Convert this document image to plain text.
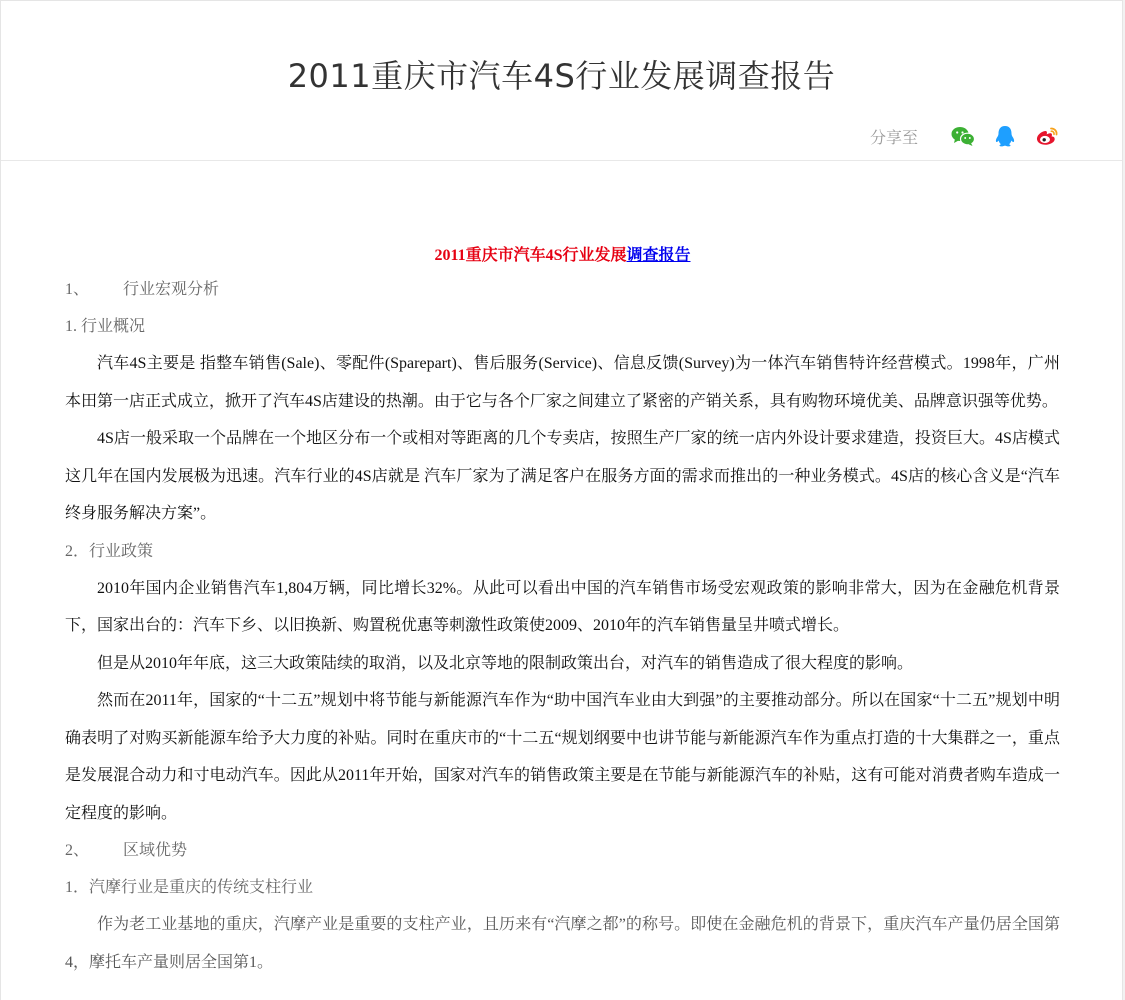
2011重庆市汽车4S行业发展调查报告
分享至
2011重庆市汽车4S行业发展调查报告
1、 行业宏观分析
1. 行业概况

汽车4S主要是 指整车销售(Sale)、零配件(Sparepart)、售后服务(Service)、信息反馈(Survey)为一体汽车销售特许经营模式。1998年，广州本田第一店正式成立，掀开了汽车4S店建设的热潮。由于它与各个厂家之间建立了紧密的产销关系，具有购物环境优美、品牌意识强等优势。

4S店一般采取一个品牌在一个地区分布一个或相对等距离的几个专卖店，按照生产厂家的统一店内外设计要求建造，投资巨大。4S店模式这几年在国内发展极为迅速。汽车行业的4S店就是 汽车厂家为了满足客户在服务方面的需求而推出的一种业务模式。4S店的核心含义是“汽车终身服务解决方案”。

2．行业政策

2010年国内企业销售汽车1,804万辆，同比增长32%。从此可以看出中国的汽车销售市场受宏观政策的影响非常大，因为在金融危机背景下，国家出台的：汽车下乡、以旧换新、购置税优惠等刺激性政策使2009、2010年的汽车销售量呈井喷式增长。

但是从2010年年底，这三大政策陆续的取消，以及北京等地的限制政策出台，对汽车的销售造成了很大程度的影响。

然而在2011年，国家的“十二五”规划中将节能与新能源汽车作为“助中国汽车业由大到强”的主要推动部分。所以在国家“十二五”规划中明确表明了对购买新能源车给予大力度的补贴。同时在重庆市的“十二五“规划纲要中也讲节能与新能源汽车作为重点打造的十大集群之一，重点是发展混合动力和寸电动汽车。因此从2011年开始，国家对汽车的销售政策主要是在节能与新能源汽车的补贴，这有可能对消费者购车造成一定程度的影响。

2、 区域优势
1．汽摩行业是重庆的传统支柱行业

作为老工业基地的重庆，汽摩产业是重要的支柱产业，且历来有“汽摩之都”的称号。即使在金融危机的背景下，重庆汽车产量仍居全国第4，摩托车产量则居全国第1。
